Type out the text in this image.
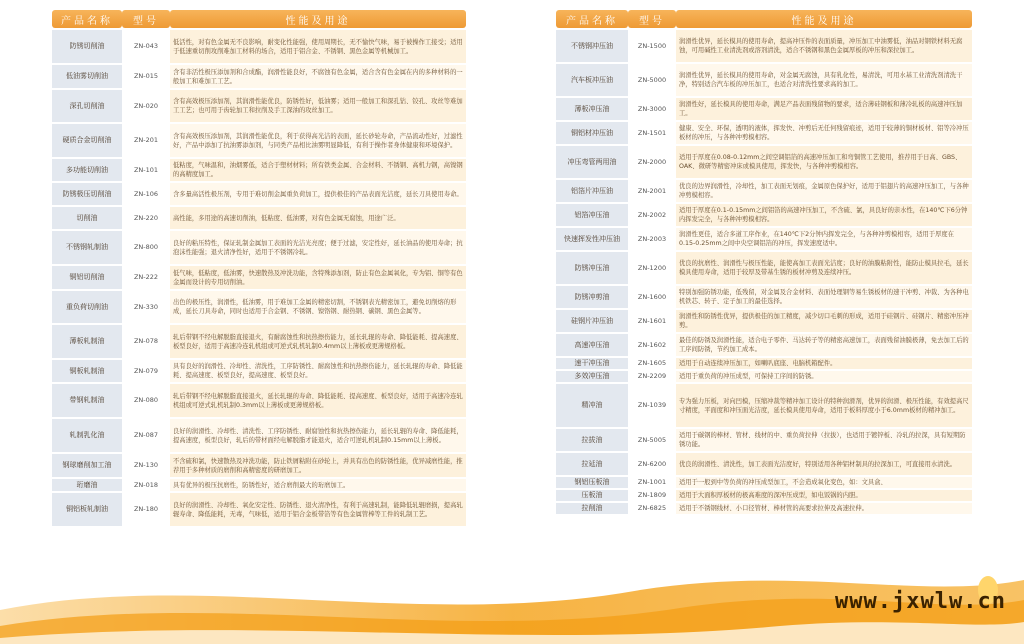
产品名称	型号	性能及用途
防锈切削油	ZN-043	低活性，对有色金属无不良影响，耐变化性能强，使用周期长，无不愉快气味，易于被操作工接受；适用于低速重切削攻削难加工材料的场合，适用于铝合金、不锈钢、黑色金属等机械加工。
低油雾切削油	ZN-015	含有非活性极压添加剂和合成酯，润滑性能良好，不腐蚀有色金属，适合含有色金属在内的多种材料的一般加工和难加工工艺。
深孔切削油	ZN-020	含有高效极压添加剂，其润滑性能优良，防锈性好，低油雾；适用一般加工和深孔钻、铰孔、攻丝等难加工工艺；也可用于齿轮加工和拉削及手工深油的攻丝加工。
硬质合金切削油	ZN-201	含有高效极压添加剂，其润滑性能优良，利于获得高光洁的表面，延长砂轮寿命，产品流动性好，过滤性好，产品中添加了抗油雾添加剂，与同类产品相比油雾明显降低，有利于操作者身体健康和环境保护。
多功能切削油	ZN-101	低粘度，气味温和，油烟雾低，适合于塑材材料；所有铁类金属、合金材料、不锈钢、高机力钢，高镍钢的高精度加工。
防锈极压切削油	ZN-106	含多量高活性极压剂，专用于难切削金属重负荷加工，提供极佳的产品表面光洁度，延长刀具使用寿命。
切削油	ZN-220	高性能，多用途的高速切削油，低粘度、低油雾，对有色金属无腐蚀，用途广泛。
不锈钢轧制油	ZN-800	良好的粘压特性，保证轧制金属加工表面的光洁光亮度；便于过滤，安定性好，延长油品的使用寿命；抗泡沫性能强；退火清净性好，适用于不锈钢冷轧。
铜铝切削油	ZN-222	低气味，低粘度，低油雾，快速散热及冲洗功能，含特殊添加剂，防止有色金属氧化，专为铝、铜等有色金属而设计的专用切削油。
重负荷切削油	ZN-330	出色的极压性，润滑性，低油雾，用于难加工金属的精密切割，不锈钢表光精密加工，避免切削熔的形成，延长刀具寿命，同时也适用于合金钢、不锈钢、镍铬钢、耐热钢、碳钢、黑色金属等。
薄板轧制油	ZN-078	轧后带钢不经电解脱脂直接退火，有耐腐蚀性和抗热擦伤能力，延长轧辊的寿命、降低能耗、提高速度、板型良好，适用于高速冷连轧机组或可逆式轧机轧制0.4mm以上薄板或更薄规格板。
铜板轧制油	ZN-079	具有良好的润滑性、冷却性、清洗性，工序防锈性、耐腐蚀性和抗热擦伤能力，延长轧辊的寿命、降低能耗、提高速度、板型良好，提高速度、板型良好。
带钢轧制油	ZN-080	轧后带钢不经电解脱脂直接退火，延长轧辊的寿命、降低能耗、提高速度、板型良好，适用于高速冷连轧机组或可逆式轧机轧制0.3mm以上薄板或更薄规格板。
轧制乳化油	ZN-087	良好的润滑性、冷却性、清洗性、工序防锈性、耐腐蚀性和抗热擦伤能力，延长轧辊的寿命、降低能耗，提高速度，板型良好，轧后的带材面经电解脱脂才能退火，适合可逆轧机轧制0.15mm以上薄板。
钢球磨削加工油	ZN-130	不含硫和氯，快速散热及冲洗功能，防止铁屑粘附在砂轮上，并具有出色的防锈性能，优异减磨性能，推荐用于多种材质的磨削和高精密度的研磨加工。
珩磨油	ZN-018	具有优异的极压抗磨性，防锈性好，适合磨削最大的珩磨加工。
铜铝板轧制油	ZN-180	良好的润滑性、冷却性、氧化安定性、防锈性、退火清净性，有利于高速轧制，能降低轧辊磨损，提高轧辊寿命、降低能耗，无毒，气味低，适用于铝合金板带箔等有色金属管棒等工件的轧制工艺。
产品名称	型号	性能及用途
不锈钢冲压油	ZN-1500	润滑性优异，延长模具的使用寿命，提高冲压件的表面质量，冲压加工中油雾低，油品对钢铁材料无腐蚀，可用碱性工业清洗剂或溶剂清洗，适合不锈钢和黑色金属厚板的冲压和深拉加工。
汽车板冲压油	ZN-5000	润滑性优异，延长模具的使用寿命，对金属无腐蚀，具有乳化性，易清洗，可用水基工业清洗剂清洗干净，特别适合汽车板的冲压加工，也适合对清洗性要求高的加工。
薄板冲压油	ZN-3000	润滑性好，延长模具的使用寿命，满足产品表面残留物的要求，适合薄硅钢板和薄冷轧板的高速冲压加工。
铜铝材冲压油	ZN-1501	健康、安全、环保，透明的液体，挥发快、冲剪后无任何残留痕迹，适用于较薄的铜材板材、铝等冷冲压板材的冲压，与各种冲剪模相容。
冲压弯管两用油	ZN-2000	适用于厚度在0.08-0.12mm之间空调铝箔的高速冲压加工和弯铜管工艺使用，推荐用于日高、GBS、OAK、微研等精密冲床或模具使用，挥发快，与各种冲剪模相容。
铝箔片冲压油	ZN-2001	优良的边界润滑性，冷却性，加工表面无划痕，金属原色保护好，适用于铝翅片的高速冲压加工，与各种冲剪模相容。
铝箔冲压油	ZN-2002	适用于厚度在0.1-0.15mm之间铝箔的高速冲压加工，不含硫、氯，具良好的亲水性，在140℃下6分钟内挥发完全，与各种冲剪模相容。
快速挥发性冲压油	ZN-2003	润滑性更佳，适合多道工序作业，在140℃下2分钟内挥发完全，与各种冲剪模相容，适用于厚度在0.15-0.25mm之间中央空调铝箔的冲压，挥发速度适中。
防锈冲压油	ZN-1200	优良的抗磨性、润滑性与极压性能，能使高加工表面光洁度；良好的油膜粘附性，能防止模具拉毛，延长模具使用寿命，适用于较厚及带基生锈的板材冲剪及连续冲压。
防锈冲剪油	ZN-1600	特别加强防锈功能，低残留，对金属及合金材料、表面处理钢等易生锈板材的速干冲剪、冲裁、为各种电机铁芯、转子、定子加工的最佳选择。
硅钢片冲压油	ZN-1601	润滑性和防锈性优异，提供极佳的加工精度，减少切口毛刺的形成，适用于硅钢片、硅钢片、精密冲压冲剪。
高速冲压油	ZN-1602	最佳的防锈及润滑性能，适合电子零件、马达转子等的精密高速加工，表面残留油膜极薄，免去加工后的工序间防锈，节约加工成本。
速干冲压油	ZN-1605	适用于自动连续冲压加工，如喇叭底座、电脑机箱配件。
多效冲压油	ZN-2209	适用于重负荷的冲压成型，可保持工序间的防锈。
精冲油	ZN-1039	专为强力压板，对向凹模，压缩冲裁等精冲加工设计的特种润滑剂，优异的润滑、极压性能，有效提高尺寸精度，平面度和冲压面光洁度，延长模具使用寿命，适用于板料厚度小于6.0mm板材的精冲加工。
拉拔油	ZN-5005	适用于碳钢的棒材、管材、线材的中、重负荷拉伸（拉拔），也适用于镀锌板、冷轧的拉深，具有短期防锈功能。
拉延油	ZN-6200	优良的润滑性、清洗性，加工表面光洁度好，特别适用各种铝材制具的拉深加工，可直接用水清洗。
钢铝压板油	ZN-1001	适用于一般到中等负荷的冲压成型加工，不会造成氧化变色，如：文具盒、
压板油	ZN-1809	适用于大面积厚板材的极高难度的深冲压成型，如电饭锅的内胆。
拉削油	ZN-6825	适用于不锈钢线材、小口径管材、棒材管的高要求拉伸及高速拉伸。
www.jxwlw.cn
